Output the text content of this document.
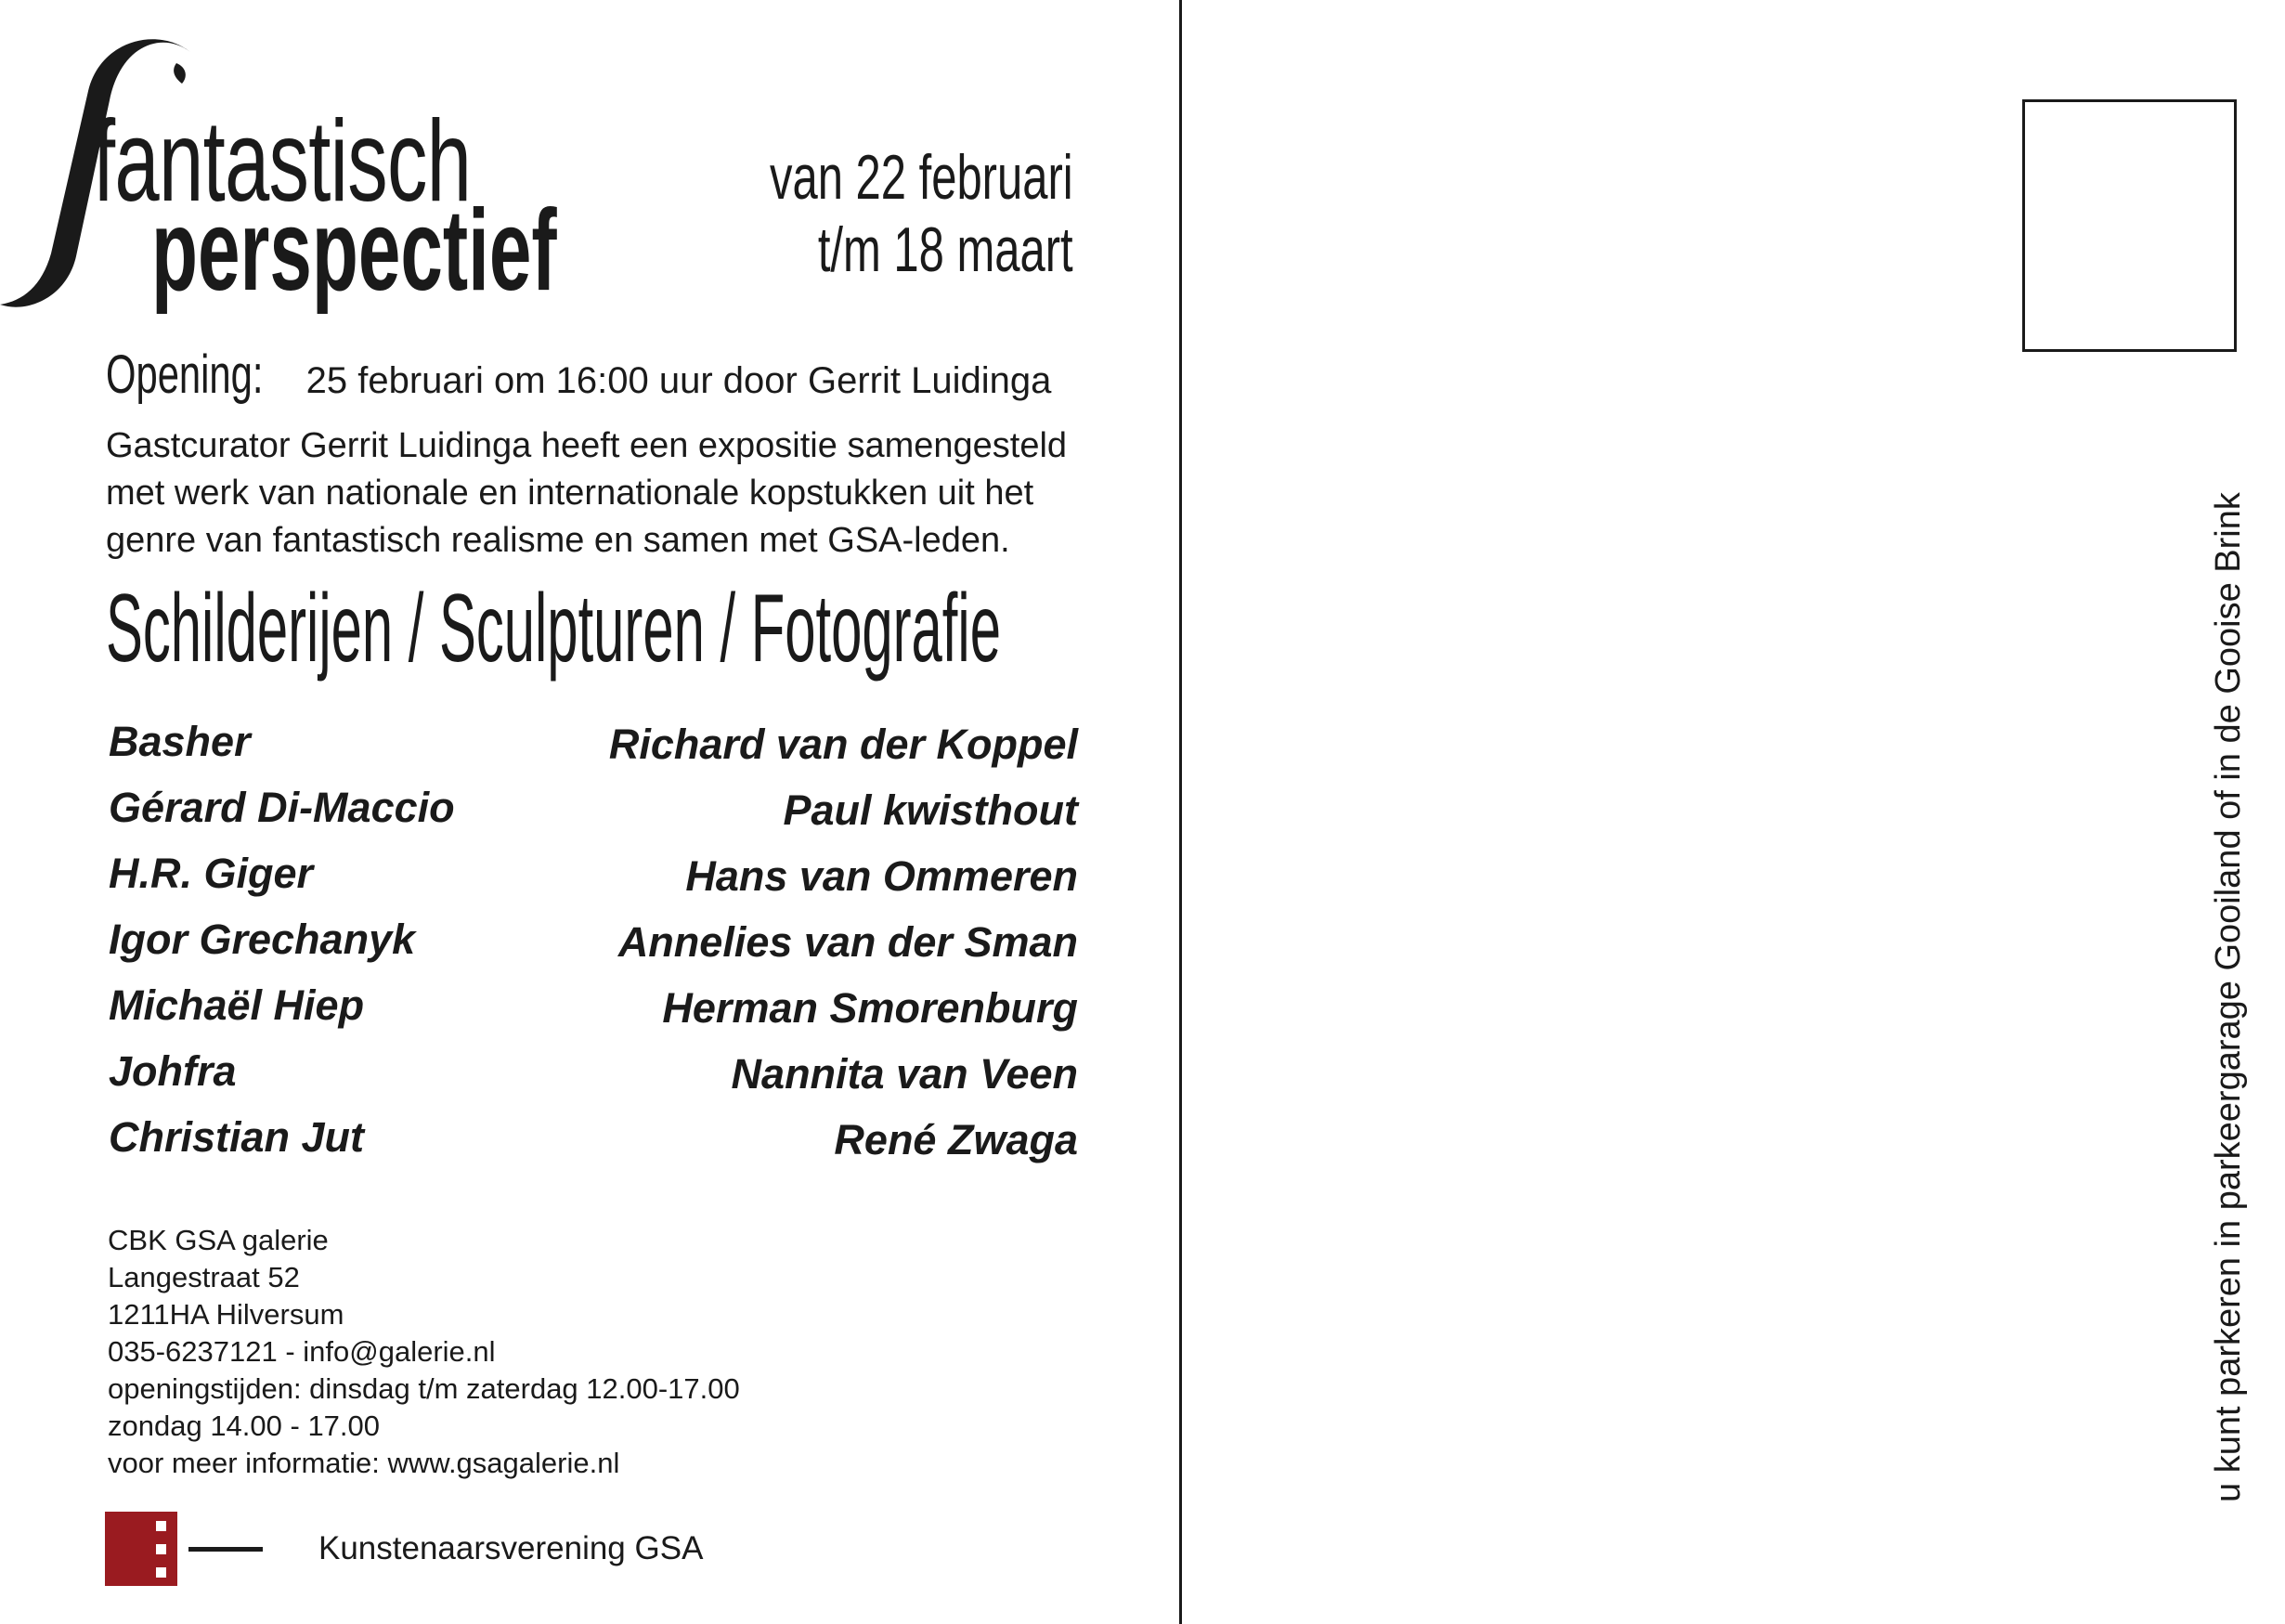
fantastisch
perspectief
van 22 februari
t/m 18 maart
Opening: 25 februari om 16:00 uur door Gerrit Luidinga
Gastcurator Gerrit Luidinga heeft een expositie samengesteld
met werk van nationale en internationale kopstukken uit het
genre van fantastisch realisme en samen met GSA-leden.
Schilderijen / Sculpturen / Fotografie
Basher
Gérard Di-Maccio
H.R. Giger
Igor Grechanyk
Michaël Hiep
Johfra
Christian Jut
Richard van der Koppel
Paul kwisthout
Hans van Ommeren
Annelies van der Sman
Herman Smorenburg
Nannita van Veen
René Zwaga
CBK GSA galerie
Langestraat 52
1211HA Hilversum
035-6237121 - info@galerie.nl
openingstijden: dinsdag t/m zaterdag 12.00-17.00
zondag 14.00 - 17.00
voor meer informatie: www.gsagalerie.nl
Kunstenaarsverening GSA
u kunt parkeren in parkeergarage Gooiland of in de Gooise Brink
